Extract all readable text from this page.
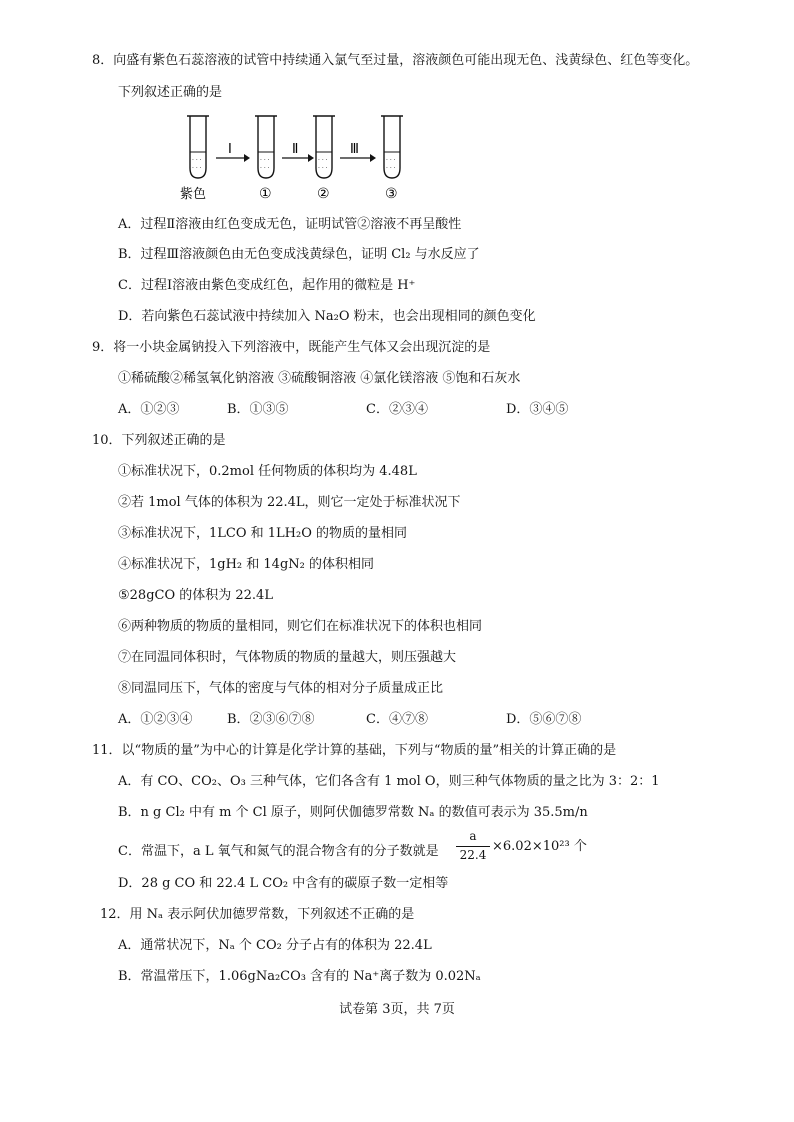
8．向盛有紫色石蕊溶液的试管中持续通入氯气至过量，溶液颜色可能出现无色、浅黄绿色、红色等变化。
下列叙述正确的是
· · ·
· · ·
Ⅰ
· · ·
· · ·
Ⅱ
· · ·
· · ·
Ⅲ
· · ·
· · ·
紫色	①	②	③
A．过程Ⅱ溶液由红色变成无色，证明试管②溶液不再呈酸性
B．过程Ⅲ溶液颜色由无色变成浅黄绿色，证明 Cl₂ 与水反应了
C．过程Ⅰ溶液由紫色变成红色，起作用的微粒是 H⁺
D．若向紫色石蕊试液中持续加入 Na₂O 粉末，也会出现相同的颜色变化
9．将一小块金属钠投入下列溶液中，既能产生气体又会出现沉淀的是
①稀硫酸②稀氢氧化钠溶液 ③硫酸铜溶液 ④氯化镁溶液 ⑤饱和石灰水
A．①②③	B．①③⑤	C．②③④	D．③④⑤
10．下列叙述正确的是
①标准状况下，0.2mol 任何物质的体积均为 4.48L
②若 1mol 气体的体积为 22.4L，则它一定处于标准状况下
③标准状况下，1LCO 和 1LH₂O 的物质的量相同
④标准状况下，1gH₂ 和 14gN₂ 的体积相同
⑤28gCO 的体积为 22.4L
⑥两种物质的物质的量相同，则它们在标准状况下的体积也相同
⑦在同温同体积时，气体物质的物质的量越大，则压强越大
⑧同温同压下，气体的密度与气体的相对分子质量成正比
A．①②③④	B．②③⑥⑦⑧	C．④⑦⑧	D．⑤⑥⑦⑧
11．以“物质的量”为中心的计算是化学计算的基础，下列与“物质的量”相关的计算正确的是
A．有 CO、CO₂、O₃ 三种气体，它们各含有 1 mol O，则三种气体物质的量之比为 3：2：1
B．n g Cl₂ 中有 m 个 Cl 原子，则阿伏伽德罗常数 Nₐ 的数值可表示为 35.5m/n
C．常温下，a L 氧气和氮气的混合物含有的分子数就是
a
22.4
×6.02×10²³ 个
D．28 g CO 和 22.4 L CO₂ 中含有的碳原子数一定相等
12．用 Nₐ 表示阿伏加德罗常数，下列叙述不正确的是
A．通常状况下，Nₐ 个 CO₂ 分子占有的体积为 22.4L
B．常温常压下，1.06gNa₂CO₃ 含有的 Na⁺离子数为 0.02Nₐ
试卷第 3页，共 7页
